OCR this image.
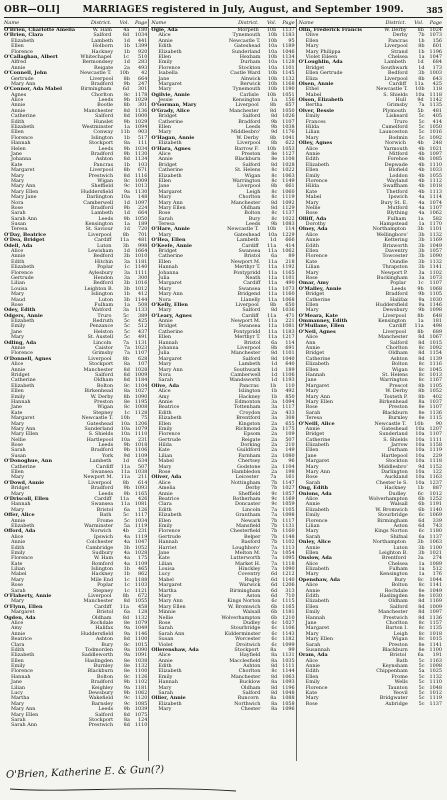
OBR—OLI]	MARRIAGES registered in July, August, and September 1909.	385
Name	District.	Vol.	Page
O'Brien, Charlotte Amelia	W. Ham	4a	180
O'Brien, Clara	Salford	8d	1034
Elizabeth	Lambeth	1d	441
Ellen	Holborn	1b	1399
Florence	Hackney	1b	920
O'Callaghan, Albert	Whitechapel	1c	510
Alfred	Bermondsey	1d	283
Annie	Reigate	2a	493
O'Connell, John	Newcastle T.	10b	42
Gertrude	Liverpool	8b	664
Mary Ann	Bradford	9b	247
O'Connor, Ada Mabel	Birmingham	6d	301
Agnes	Chorlton	8c	1178
Alice	Leeds	9b	1029
Annie	Bootle	8b	301
Annie	Manchester	8d	1136
Catherine	Salford	8d	1000
Edith	Hunslet	9b	1029
Elizabeth	Westminster	1a	1094
Ellen	Conway	11b	903
Florence	Islington	1b	517
Hannah	Stockport	8a	111
Helen	Leeds	9b	1034
Jane	Bradford	9b	1130
Johanna	Ashton	8d	1134
Kate	Pancras	1b	103
Margaret	Liverpool	8b	671
Mary	Prestwich	8d	1116
Mary	Wigan	8c	1009
Mary Ann	Sheffield	9c	1013
Mary Ellen	Huddersfield	9a	1130
Mary Jane	Darlington	10a	148
Nora	Camberwell	1d	1097
Rose	Bradford	9b	224
Sarah	Lambeth	1d	664
Sarah Ann	Leeds	9b	1050
Susan	Kensington	1a	189
Teresa	St. Saviour	1d	720
O'Day, Beatrice	Liverpool	8b	701
O'Dea, Bridget	Cardiff	11a	481
Odell, Ada	Luton	3b	998
Alice	Lewisham	1d	1664
Annie	Bedford	3b	1010
Edith	Hitchin	3a	1181
Elizabeth	Poplar	1c	1140
Florence	Aylesbury	3a	1111
Gertrude	Hendon	3a	300
Lilian	Bedford	3b	1016
Louisa	Leighton B.	3b	1012
Mary	Islington	1b	412
Maud	Luton	3b	1144
Rose	Fulham	1a	508
Odey, Edith	Watford	3a	1133
Odgers, Annie	Truro	5c	389
Elizabeth	Redruth	5c	425
Emily	Penzance	5c	512
Jane	Helston	5c	437
Mary	St. Austell	5c	491
Odling, Ada	Lincoln	7a	1131
Annie	Caistor	7a	1023
Florence	Grimsby	7a	1107
O'Donnell, Agnes	Liverpool	8b	628
Alice	Stockport	8a	107
Annie	Manchester	8d	1028
Bridget	Salford	8d	1009
Catherine	Oldham	8d	1184
Elizabeth	Bolton	8c	1104
Ellen	Birkenhead	8a	1027
Emily	W. Derby	8b	1090
Hannah	Preston	8e	1195
Jane	Wigan	8c	1008
Kate	Stepney	1c	1128
Margaret	Newcastle T.	10b	75
Mary	Gateshead	10a	1206
Mary Ann	Sunderland	10a	1079
Mary Ellen	S. Shields	10a	1110
Nellie	Hartlepool	10a	231
Rose	Leeds	9b	1018
Sarah	Bradford	9b	1106
Susan	York	9d	1109
O'Donoghue, Ann	Lambeth	1d	634
Catherine	Cardiff	11a	507
Ellen	Swansea	11a	1038
Mary	Newport M.	11a	211
O'Dowd, Annie	Liverpool	8b	614
Bridget	Bradford	9b	1093
Mary	Leeds	9b	1165
O'Driscoll, Ellen	Cardiff	11a	426
Hannah	Swansea	11a	1081
Mary	Bristol	6a	126
Offer, Alice	Bath	5c	1117
Annie	Frome	5c	1034
Elizabeth	Warminster	5a	1119
Offord, Ada	Norwich	4b	231
Alice	Ipswich	4a	1119
Annie	Colchester	4a	1047
Edith	Cambridge	3b	1052
Emily	Sudbury	4a	1028
Florence	W. Ham	4a	175
Kate	Romford	4a	1109
Lilian	Islington	1b	465
Mabel	Hackney	1b	862
Mary	Mile End	1c	1188
Rose	Poplar	1c	1103
Sarah	Stepney	1c	1121
O'Flaherty, Annie	Liverpool	8b	672
Mary	Manchester	8d	1055
O'Flynn, Ellen	Cardiff	11a	458
Margaret	Bristol	6a	128
Ogden, Ada	Oldham	8d	1132
Alice	Rochdale	8e	1079
Amy	Halifax	9a	1049
Annie	Huddersfield	9a	1146
Beatrice	Ashton	8d	1100
Clara	Bury	8c	1015
Edith	Todmorden	9a	1090
Elizabeth	Saddleworth	9a	1091
Ellen	Haslingden	8e	1038
Emily	Burnley	8e	1132
Florence	Blackburn	8e	1100
Hannah	Bolton	8c	1126
Jane	Bradford	9b	1102
Lilian	Keighley	9a	1181
Lucy	Dewsbury	9b	1062
Martha	Wakefield	9c	1120
Mary	Barnsley	9c	1085
Mary Ann	Leeds	9b	1039
Mary Ellen	Salford	8d	1075
Sarah	Stockport	8a	124
Sarah Ann	Prestwich	8d	1110
Name	District.	Vol.	Page
Ogle, Ada	Morpeth	10b	1137
Alice	Tynemouth	10b	1183
Annie	Newcastle T.	10b	95
Edith	Gateshead	10a	1189
Elizabeth	Sunderland	10a	1046
Ellen	Hexham	10b	1134
Emily	Durham	10a	1128
Florence	Stockton	10a	1101
Isabella	Castle Ward	10b	1145
Jane	Alnwick	10b	1132
Margaret	Berwick	10b	1168
Mary	Tynemouth	10b	1190
Ogilvie, Annie	Carlisle	10b	1051
Jessie	Kensington	1a	156
O'Gorman, Mary	Liverpool	8b	657
O'Grady, Alice	Manchester	8d	1050
Bridget	Salford	8d	1026
Catherine	Bradford	9b	1107
Ellen	Leeds	9b	1038
Mary	Middlesbro'	9d	1176
O'Hagan, Annie	W. Derby	8b	1041
Elizabeth	Liverpool	8b	622
O'Hara, Agnes	Barrow F.	10b	1053
Alice	Preston	8e	1127
Annie	Blackburn	8e	1108
Bridget	Salford	8d	1028
Catherine	St. Helens	8c	1022
Elizabeth	Wigan	8c	1063
Ellen	Warrington	8c	1149
Jane	Liverpool	8b	661
Margaret	Leigh	8c	1060
Mary	Chorlton	8c	1119
Mary Ann	Manchester	8d	1092
Mary Ellen	Oldham	8d	1129
Rose	Bolton	8c	1137
Sarah	Bury	8c	1022
Teresa	Leeds	9b	1083
O'Hare, Annie	Newcastle T.	10b	114
Mary	Gateshead	10a	1229
O'Hea, Ellen	Lambeth	1d	666
O'Keefe, Annie	Cardiff	11a	414
Bridget	Swansea	11a	1062
Catherine	Bristol	6a	89
Ellen	Newport M.	11a	218
Hannah	Merthyr T.	11a	1192
Johanna	Pontypridd	11a	1165
Julia	Neath	11a	1101
Margaret	Cardiff	11a	490
Mary	Swansea	11a	1073
Mary Ann	Bridgend	11a	1160
Nora	Llanelly	11a	1068
O'Kelly, Ellen	Liverpool	8b	650
Mary	Salford	8d	1036
O'Leary, Agnes	Cardiff	11a	471
Annie	Newport M.	11a	221
Bridget	Swansea	11a	1081
Catherine	Pontypridd	11a	1183
Ellen	Merthyr T.	11a	1217
Hannah	Bristol	6a	114
Johanna	Liverpool	8b	691
Julia	Manchester	8d	1101
Margaret	Salford	8d	1040
Mary	Lambeth	1d	640
Mary Ann	Southwark	1d	189
Nora	Camberwell	1d	1106
Sarah	Wandsworth	1d	1193
Olive, Ada	Pancras	1b	110
Alice	Islington	1b	492
Amy	Hackney	1b	850
Annie	Edmonton	3a	1094
Beatrice	Tottenham	3a	1117
Edith	Croydon	2a	433
Elizabeth	Brentford	3a	308
Ellen	Kingston	2a	655
Emily	Richmond	2a	1175
Florence	Epsom	2a	109
Gertrude	Reigate	2a	507
Hilda	Dorking	2a	210
Kate	Guildford	2a	149
Lilian	Farnham	2a	1080
Mabel	Chertsey	2a	96
Mary	Godstone	2a	1104
Rose	Hambledon	2a	198
Oliver, Ada	Leicester	7a	161
Alice	Nottingham	7b	1147
Amelia	Derby	7b	1027
Annie	Sheffield	9c	1057
Beatrice	Rotherham	9c	1169
Clara	Doncaster	9c	1059
Edith	Lincoln	7a	1105
Elizabeth	Grantham	7a	1098
Ellen	Newark	7b	1117
Emily	Mansfield	7b	1131
Florence	Chesterfield	7b	1160
Gertrude	Belper	7b	1148
Hannah	Basford	7b	1102
Harriet	Loughboro'	7a	1113
Jane	Melton M.	7a	1054
Kate	Lutterworth	7a	1095
Lilian	Market H.	7a	1118
Louisa	Hinckley	7a	1090
Lucy	Coventry	6d	1212
Mabel	Rugby	6d	1140
Margaret	Warwick	6d	1206
Martha	Birmingham	6d	313
Mary	Aston	6d	710
Mary Ann	Kings Norton	6c	1115
Mary Ellen	W. Bromwich	6b	1165
Minnie	Walsall	6b	1181
Nellie	Wolverhampton	6b	1210
Rose	Dudley	6c	1027
Sarah	Stourbridge	6c	1106
Sarah Ann	Kidderminster	6c	1143
Susan	Worcester	6c	1182
Violet	Droitwich	6c	1099
Ollerenshaw, Ada	Stockport	8a	99
Alice	Hayfield	8a	1131
Annie	Macclesfield	8a	1035
Edith	Ashton	8d	1111
Elizabeth	Chorlton	8c	1144
Emily	Manchester	8d	1063
Hannah	Bucklow	8a	1093
Mary	Oldham	8d	1196
Sarah	Salford	8d	1048
Ollier, Annie	Runcorn	8a	1088
Elizabeth	Northwich	8a	1058
Mary	Chester	8a	1096
Name	District.	Vol.	Page
Olin, Frederick Francis	W. Derby	8b	1024
Olive	Derby	7b	1073
Ellen	Pancras	1b	156
Mary	Liverpool	8b	601
Mary Philippa	Strand	1b	1196
Violet Eileen	Chelsea	1a	1047
O'Loughlin, Ada	Lambeth	1d	684
Bridget	Southwark	1d	173
Ellen Gertrude	Bedford	3b	1003
Eliza	Liverpool	8b	643
Olsen, Annie	Cardiff	11a	425
Ethel	Newcastle T.	10b	118
Mabel	S. Shields	10a	1118
Olson, Elizabeth	Hull	9d	1142
Bertha	Grimsby	7a	1135
Olver, Bessie	Plymouth	5b	481
Emily	Liskeard	5c	405
Frances	Truro	5c	414
Hilda	Camelford	5c	1050
Lilian	Launceston	5c	1016
Mary	Bodmin	5c	1092
Olley, Agnes	Norwich	4b	248
Alice	Yarmouth	4b	1021
Annie	Mitford	4b	1097
Edith	Forehoe	4b	1085
Elizabeth	Depwade	4b	1110
Ellen	Blofield	4b	1033
Emily	Loddon	4b	1055
Florence	Wayland	4b	1112
Hilda	Swaffham	4b	1018
Kate	Thetford	4b	1113
Mabel	Ipswich	4a	1114
Mary	Bury St. E.	4a	1074
Nellie	Mutford	4a	1107
Rose	Blything	4a	1062
Olliff, Ada	Fulham	1a	582
Dorothy	Hampstead	1a	1170
Olney, Ada	Northampton	3b	1101
Alice	Wellingboro'	3b	1132
Annie	Kettering	3b	1169
Edith	Brixworth	3b	1049
Ellen	Daventry	3b	1057
Florence	Towcester	3b	1090
Kate	Oundle	3b	1132
Lilian	Thrapston	3b	1141
Mary	Newport P.	3a	1102
Rose	Buckingham	3a	1073
Omar, Amy	Poplar	1c	1107
O'Malley, Annie	Leeds	9b	1068
Bridget	Bradford	9b	1105
Catherine	Halifax	9a	1030
Ellen	Huddersfield	9a	1146
Mary	Dewsbury	9b	1098
O'Meara, Kate	Liverpool	8b	648
Ommanney, Edith	Kensington	1a	181
O'Mullane, Ellen	Cardiff	11a	498
O'Neil, Agnes	Liverpool	8b	689
Alice	Manchester	8d	1067
Ann	Salford	8d	1015
Annie	Chorlton	8c	1092
Bridget	Oldham	8d	1154
Catherine	Ashton	8d	1139
Elizabeth	Bolton	8c	1116
Ellen	Wigan	8c	1045
Hannah	St. Helens	8c	1013
Jane	Warrington	8c	1167
Margaret	Prescot	8b	1105
Mary	W. Derby	8b	1052
Mary Ann	Toxteth P.	8b	402
Mary Ellen	Birkenhead	8a	1037
Rose	Preston	8e	1107
Sarah	Blackburn	8e	1136
Teresa	Burnley	8e	1115
O'Neill, Alice	Newcastle T.	10b	90
Annie	Gateshead	10a	1207
Bridget	Sunderland	10a	1107
Catherine	S. Shields	10a	1111
Elizabeth	Jarrow	10a	1158
Ellen	Durham	10a	1119
Jane	Hartlepool	10a	229
Margaret	Stockton	10a	1118
Mary	Middlesbro'	9d	1152
Mary Ann	Darlington	10a	122
Rose	Auckland	10a	1163
Sarah	Chester le S.	10a	1237
Ong, Edith	Hackney	1b	887
Onions, Ada	Dudley	6c	1012
Alice	Wolverhampton	6b	1252
Annie	Walsall	6b	1191
Elizabeth	W. Bromwich	6b	1140
Emily	Stourbridge	6c	1069
Florence	Birmingham	6d	339
Lilian	Aston	6d	743
Mary	Kings Norton	6c	1180
Sarah	Shifnal	6a	1137
Onley, Alice	Northampton	3b	1063
Annie	Luton	3b	1100
Ellen	Leighton B.	3b	1021
Onslow, Ada	Brentford	3a	274
Alice	Chelsea	1a	1089
Elizabeth	Fulham	1a	512
Mary	Kensington	1a	176
Openshaw, Ada	Bury	8c	1044
Alice	Bolton	8c	1141
Annie	Rochdale	8e	1049
Edith	Haslingden	8e	1030
Elizabeth	Oldham	8d	1169
Ellen	Salford	8d	1009
Emily	Manchester	8d	1097
Hannah	Prestwich	8d	1136
Jane	Chorlton	8c	1157
Margaret	Barton I.	8c	1135
Mary	Leigh	8c	1018
Mary Ellen	Wigan	8c	1015
Sarah	Preston	8e	1141
Susannah	Blackburn	8e	1100
Oram, Ada	Bristol	6a	191
Alice	Bath	5c	1163
Annie	Keynsham	5c	1098
Edith	Chippenham	5a	1025
Ellen	Frome	5c	1132
Emily	Wells	5c	1110
Florence	Taunton	5c	1048
Kate	Yeovil	5c	1012
Mary	Bridgwater	5c	1119
Rose	Axbridge	5c	1137
O'Brien, Katherine E. & Gun(?)
